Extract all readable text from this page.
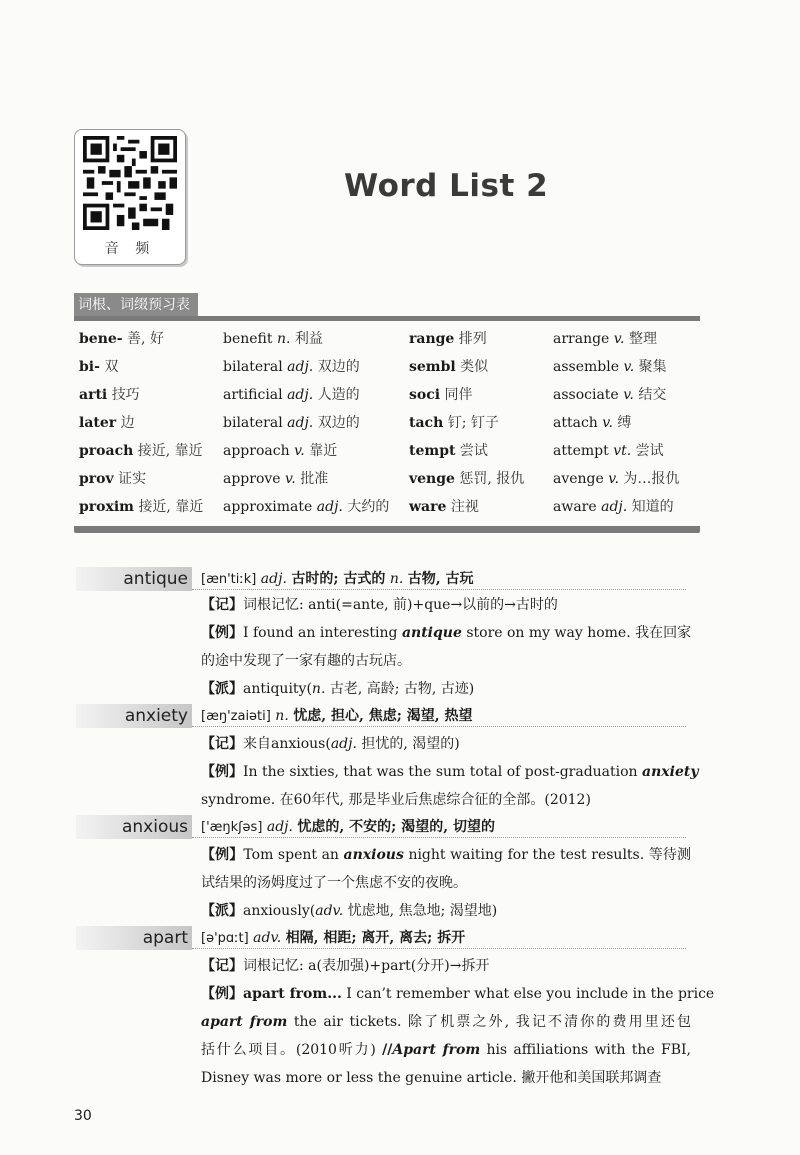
音 频
Word List 2
词根、词缀预习表
bene- 善, 好	benefit n. 利益	range 排列	arrange v. 整理
bi- 双	bilateral adj. 双边的	sembl 类似	assemble v. 聚集
arti 技巧	artificial adj. 人造的	soci 同伴	associate v. 结交
later 边	bilateral adj. 双边的	tach 钉; 钉子	attach v. 缚
proach 接近, 靠近	approach v. 靠近	tempt 尝试	attempt vt. 尝试
prov 证实	approve v. 批准	venge 惩罚, 报仇	avenge v. 为…报仇
proxim 接近, 靠近	approximate adj. 大约的	ware 注视	aware adj. 知道的
antique [æn'tiːk] adj. 古时的; 古式的 n. 古物, 古玩
【记】词根记忆: anti(=ante, 前)+que→以前的→古时的
【例】I found an interesting antique store on my way home. 我在回家
的途中发现了一家有趣的古玩店。
【派】antiquity(n. 古老, 高龄; 古物, 古迹)
anxiety [æŋ'zaiəti] n. 忧虑, 担心, 焦虑; 渴望, 热望
【记】来自anxious(adj. 担忧的, 渴望的)
【例】In the sixties, that was the sum total of post-graduation anxiety
syndrome. 在60年代, 那是毕业后焦虑综合征的全部。(2012)
anxious ['æŋkʃəs] adj. 忧虑的, 不安的; 渴望的, 切望的
【例】Tom spent an anxious night waiting for the test results. 等待测
试结果的汤姆度过了一个焦虑不安的夜晚。
【派】anxiously(adv. 忧虑地, 焦急地; 渴望地)
apart [ə'pɑːt] adv. 相隔, 相距; 离开, 离去; 拆开
【记】词根记忆: a(表加强)+part(分开)→拆开
【例】apart from... I can’t remember what else you include in the price
apart from the air tickets. 除了机票之外, 我记不清你的费用里还包
括什么项目。(2010听力) //Apart from his affiliations with the FBI,
Disney was more or less the genuine article. 撇开他和美国联邦调查
30
